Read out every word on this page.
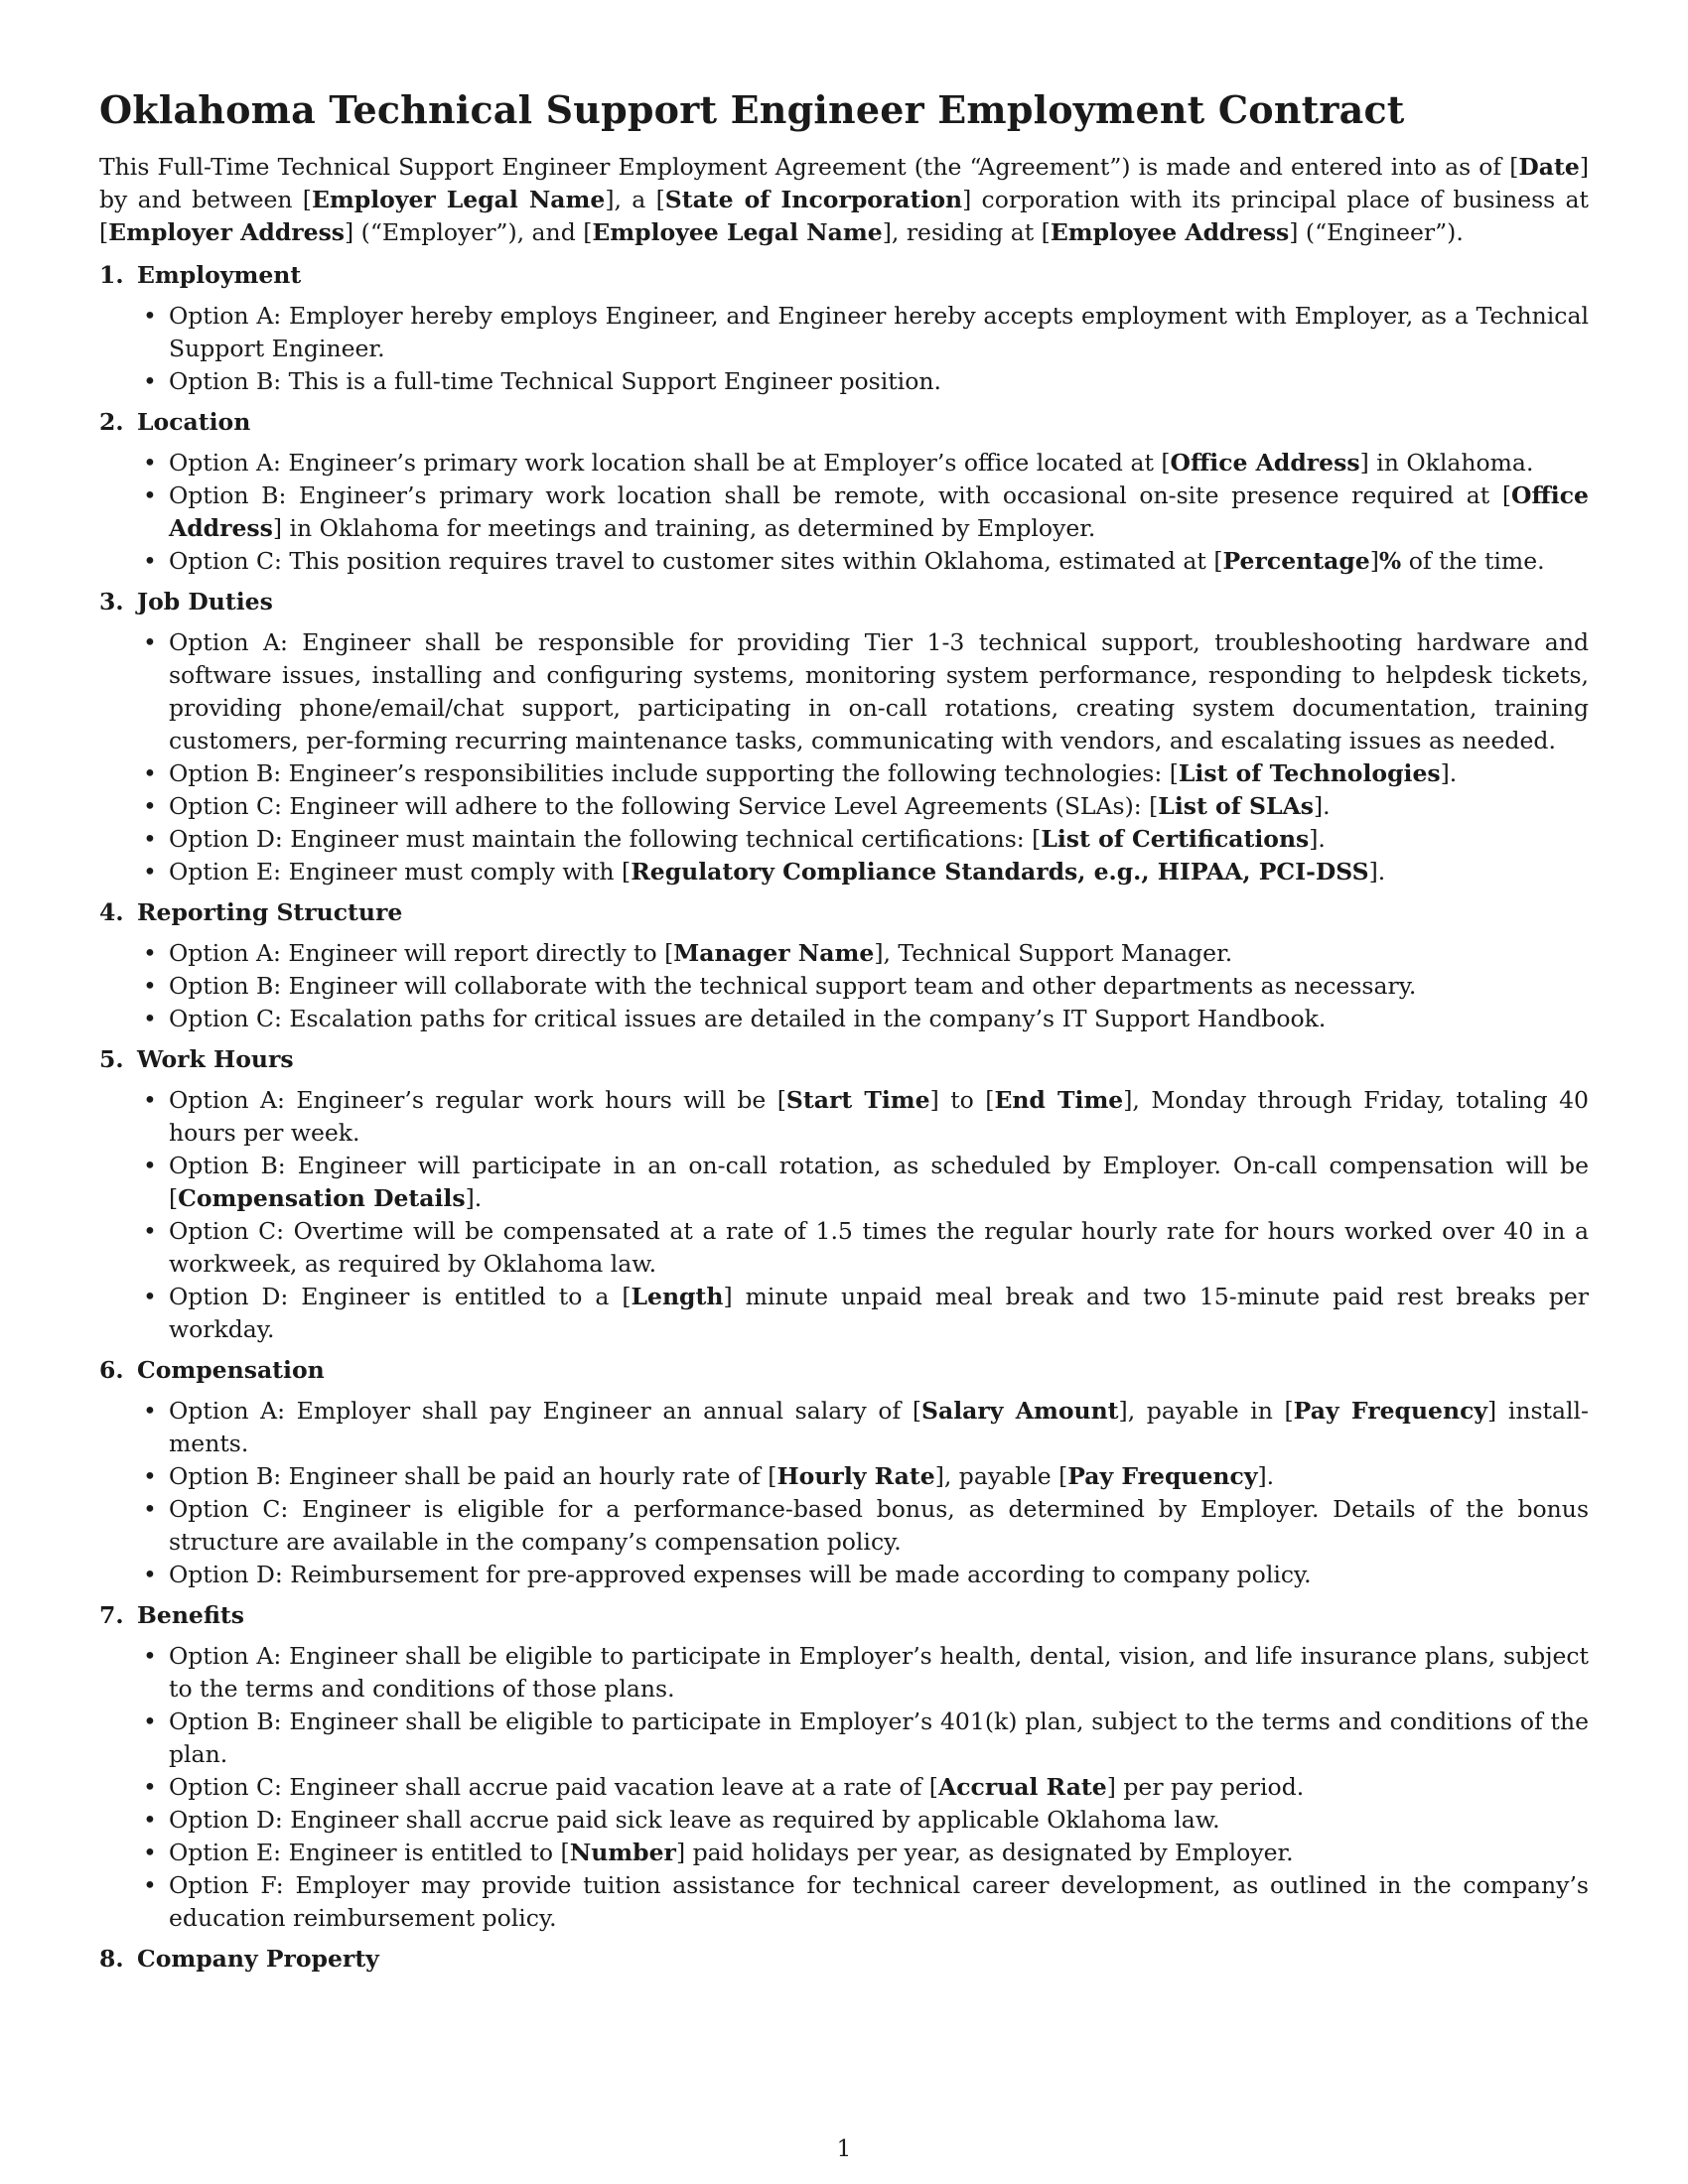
Oklahoma Technical Support Engineer Employment Contract

This Full-Time Technical Support Engineer Employment Agreement (the “Agreement”) is made and entered into as of [Date] by and between [Employer Legal Name], a [State of Incorporation] corporation with its principal place of business at [Employer Address] (“Employer”), and [Employee Legal Name], residing at [Employee Address] (“Engineer”).

1. Employment
• Option A: Employer hereby employs Engineer, and Engineer hereby accepts employment with Employer, as a Technical Support Engineer.
• Option B: This is a full-time Technical Support Engineer position.
2. Location
• Option A: Engineer’s primary work location shall be at Employer’s office located at [Office Address] in Oklahoma.
• Option B: Engineer’s primary work location shall be remote, with occasional on-site presence required at [Office Address] in Oklahoma for meetings and training, as determined by Employer.
• Option C: This position requires travel to customer sites within Oklahoma, estimated at [Percentage]% of the time.
3. Job Duties
• Option A: Engineer shall be responsible for providing Tier 1-3 technical support, troubleshooting hardware and software issues, installing and configuring systems, monitoring system performance, responding to helpdesk tickets, providing phone/email/chat support, participating in on-call rotations, creating system documentation, training customers, per-forming recurring maintenance tasks, communicating with vendors, and escalating issues as needed.
• Option B: Engineer’s responsibilities include supporting the following technologies: [List of Technologies].
• Option C: Engineer will adhere to the following Service Level Agreements (SLAs): [List of SLAs].
• Option D: Engineer must maintain the following technical certifications: [List of Certifications].
• Option E: Engineer must comply with [Regulatory Compliance Standards, e.g., HIPAA, PCI-DSS].
4. Reporting Structure
• Option A: Engineer will report directly to [Manager Name], Technical Support Manager.
• Option B: Engineer will collaborate with the technical support team and other departments as necessary.
• Option C: Escalation paths for critical issues are detailed in the company’s IT Support Handbook.
5. Work Hours
• Option A: Engineer’s regular work hours will be [Start Time] to [End Time], Monday through Friday, totaling 40 hours per week.
• Option B: Engineer will participate in an on-call rotation, as scheduled by Employer. On-call compensation will be [Compensation Details].
• Option C: Overtime will be compensated at a rate of 1.5 times the regular hourly rate for hours worked over 40 in a workweek, as required by Oklahoma law.
• Option D: Engineer is entitled to a [Length] minute unpaid meal break and two 15-minute paid rest breaks per workday.
6. Compensation
• Option A: Employer shall pay Engineer an annual salary of [Salary Amount], payable in [Pay Frequency] install-ments.
• Option B: Engineer shall be paid an hourly rate of [Hourly Rate], payable [Pay Frequency].
• Option C: Engineer is eligible for a performance-based bonus, as determined by Employer. Details of the bonus structure are available in the company’s compensation policy.
• Option D: Reimbursement for pre-approved expenses will be made according to company policy.
7. Benefits
• Option A: Engineer shall be eligible to participate in Employer’s health, dental, vision, and life insurance plans, subject to the terms and conditions of those plans.
• Option B: Engineer shall be eligible to participate in Employer’s 401(k) plan, subject to the terms and conditions of the plan.
• Option C: Engineer shall accrue paid vacation leave at a rate of [Accrual Rate] per pay period.
• Option D: Engineer shall accrue paid sick leave as required by applicable Oklahoma law.
• Option E: Engineer is entitled to [Number] paid holidays per year, as designated by Employer.
• Option F: Employer may provide tuition assistance for technical career development, as outlined in the company’s education reimbursement policy.
8. Company Property
1
